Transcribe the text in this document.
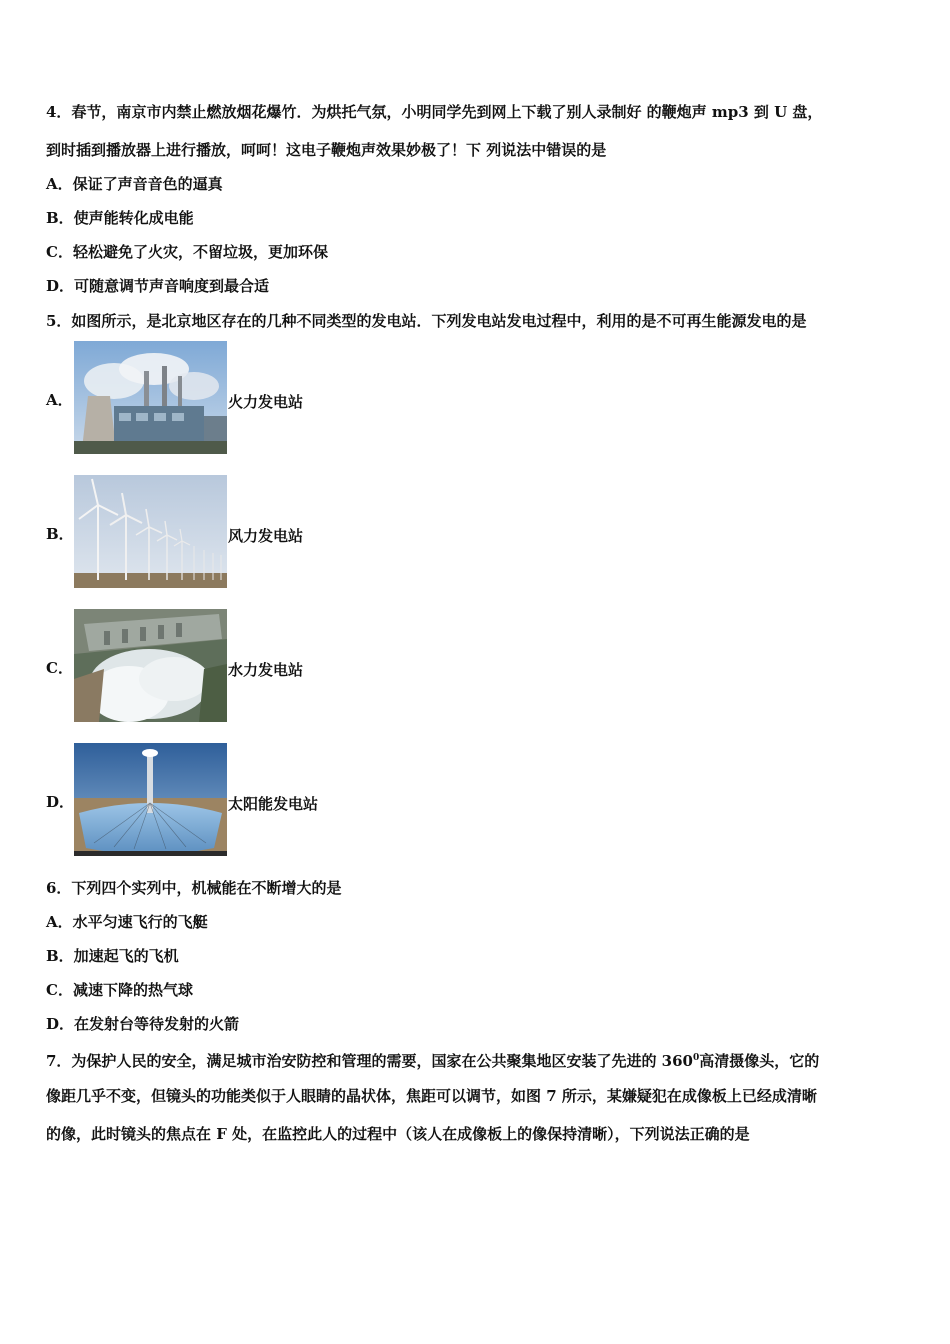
4．春节，南京市内禁止燃放烟花爆竹．为烘托气氛，小明同学先到网上下载了别人录制好 的鞭炮声 mp3 到 U 盘，
到时插到播放器上进行播放，呵呵！这电子鞭炮声效果妙极了！下 列说法中错误的是
A．保证了声音音色的逼真
B．使声能转化成电能
C．轻松避免了火灾，不留垃圾，更加环保
D．可随意调节声音响度到最合适
5．如图所示，是北京地区存在的几种不同类型的发电站．下列发电站发电过程中，利用的是不可再生能源发电的是
A．	火力发电站
B．	风力发电站
C．	水力发电站
D．	太阳能发电站
6．下列四个实列中，机械能在不断增大的是
A．水平匀速飞行的飞艇
B．加速起飞的飞机
C．减速下降的热气球
D．在发射台等待发射的火箭
7．为保护人民的安全，满足城市治安防控和管理的需要，国家在公共聚集地区安装了先进的 $360^0$高清摄像头，它的
像距几乎不变，但镜头的功能类似于人眼睛的晶状体，焦距可以调节，如图 7 所示，某嫌疑犯在成像板上已经成清晰
的像，此时镜头的焦点在 F 处，在监控此人的过程中（该人在成像板上的像保持清晰），下列说法正确的是
